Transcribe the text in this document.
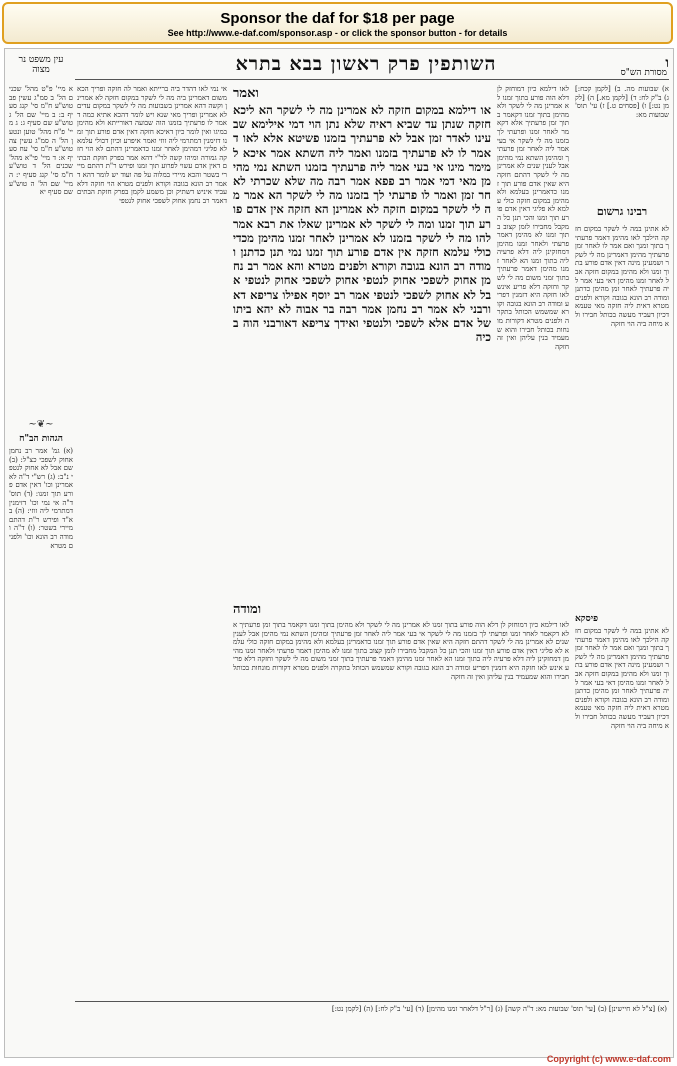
Sponsor the daf for $18 per page
See http://www.e-daf.com/sponsor.asp - or click the sponsor button - for details
עין משפט נר מצוה	השותפין פרק ראשון בבא בתרא	ו
מסורת הש"ס
א מיי' פ"ט מהל' שכנים הל' ב סמ"ג עשין פב טוש"ע ח"מ סי' קנג סעיף ב: ב מיי' שם הל' ג טוש"ע שם סעיף ג: ג מיי' פ"ח מהל' טוען ונטען הל' ה סמ"ג עשין צה טוש"ע ח"מ סי' עח סעיף א: ד מיי' פי"א מהל' שכנים הל' ד טוש"ע ח"מ סי' קנג סעיף י: ה מיי' שם הל' ה טוש"ע שם סעיף יא
~❦~
הגהות הב"ח
(א) גמ' אמר רב נחמן אחוק לשפכי כצ"ל: (ב) שם אבל לא אחוק לנטפי נ"ב: (ג) רש"י ד"ה לא אמרינן וכו' דאין אדם פורע תוך זמנו: (ד) תוס' ד"ה אי נמי וכו' דזימנין דמתרמי ליה זוזי: (ה) בא"ד ופירש ר"ת דהתם מיירי בשטר: (ו) ד"ה ומודה רב הונא וכו' ולפנים מטרא
אי נמי לאו דהדר ביה ברייתא ואמר לה חזקה ופריך הכא משום דאמרינן ביה מה לי לשקר במקום חזקה לא אמרינן וקשה דהא אמרינן בשבועות מה לי לשקר במקום עדים לא אמרינן ופריך מאי שנא ויש לומר דהכא אתיא כמה דאמר לו פרעתיך בזמנו הוה שבועה דאורייתא ולא מהימן במיגו ואין לומר כיון דאיכא חזקה דאין אדם פורע תוך זמנו דזימנין דמתרמי ליה זוזי ואמר איפרע וכיון דכולי עלמא לא פליגי דמהימן לאחר זמנו כדאמרינן דהתם לא הוי חזקה גמורה ומיהו קשה לר"י דהא אמר בפרק חזקת הבתים דאין אדם עשוי לפרוע תוך זמנו ופירש ר"ת דהתם מיירי בשטר והכא מיירי במלוה על פה ועוד יש לומר דהא דאמר רב הונא בגובה וקורא ולפנים מטרא הוי חזקה דלא עביד איניש דשתיק וכן משמע לקמן בפרק חזקת הבתים דאמר רב נחמן אחוק לשפכי אחוק לנטפי
ואמר
או דילמא במקום חזקה לא אמרינן מה לי לשקר הא ליכא חזקה שנתן עד שביא ראיה שלא נתן הוי דמי אילימא שבעינו לאדר זמן אבל לא פרעתיך בזמנו פשיטא אלא לאו דאמר לו לא פרעתיך בזמנו ואמר ליה השתא אמר איכא למימר מיגו אי בעי אמר ליה פרעתיך בזמנו השתא נמי מהימן מאי דמי אמר רב פפא אמר רבה מה שלא שכרתי לאחר זמן ואמר לו פרעתי לך בזמנו מה לי לשקר הא אמר מה לי לשקר במקום חזקה לא אמרינן הא חזקה אין אדם פורע תוך זמנו ומה לי לשקר לא אמרינן שאלו את רבא אמר להו מה לי לשקר בזמנו לא אמרינן לאחר זמנו מהימן מכדי כולי עלמא חזקה אין אדם פורע תוך זמנו נמי תנן כדתנן ומודה רב הונא בגובה וקורא ולפנים מטרא והא אמר רב נחמן אחוק לשפכי אחוק לנטפי אחוק לשפכי אחוק לנטפי אבל לא אחוק לשפכי לנטפי אמר רב יוסף אפילו צריפא דאורבני לא אמר רב נחמן אמר רבה בר אבוה לא יהא ביתו של אדם אלא לשפכי ולנטפי ואידך צריפא דאורבני הוה בכיה
ומודה
לאו דילמא כיון דמוחזק לן דלא הוה פורע בתוך זמנו לא אמרינן מה לי לשקר ולא מהימן בתוך זמנו דקאמר בתוך זמן פרעתיך אלא דקאמר לאחר זמנו ופרעתי לך בזמנו מה לי לשקר אי בעי אמר ליה לאחר זמן פרעתיך ומהימן השתא נמי מהימן אבל לענין שנים לא אמרינן מה לי לשקר דהתם חזקה היא שאין אדם פורע תוך זמנו כדאמרינן בעלמא ולא מהימן במקום חזקה כולי עלמא לא פליגי דאין אדם פורע תוך זמנו והכי תנן כל המקבל מחבירו לזמן קצוב בתוך זמנו לא מהימן דאמר פרעתי ולאחר זמנו מהימן דמחזקינן ליה דלא פרעיה ליה בתוך זמנו הא לאחר זמנו מהימן דאמר פרעתיך בתוך זמני משום מה לי לשקר וחזקה דלא פריע אינש לאו חזקה היא דזמנין דפריע ומודה רב הונא בגובה וקורא שמשמש הכותל בתקרה ולפנים מטרא דקורות מונחות בכותל חבירו והוא שמעמיד בנין עליהן ואין זה חזקה
לאו דילמא כיון דמוחזק לן דלא הוה פורע בתוך זמנו לא אמרינן מה לי לשקר ולא מהימן בתוך זמנו דקאמר בתוך זמן פרעתיך אלא דקאמר לאחר זמנו ופרעתי לך בזמנו מה לי לשקר אי בעי אמר ליה לאחר זמן פרעתיך ומהימן השתא נמי מהימן אבל לענין שנים לא אמרינן מה לי לשקר דהתם חזקה היא שאין אדם פורע תוך זמנו כדאמרינן בעלמא ולא מהימן במקום חזקה כולי עלמא לא פליגי דאין אדם פורע תוך זמנו והכי תנן כל המקבל מחבירו לזמן קצוב בתוך זמנו לא מהימן דאמר פרעתי ולאחר זמנו מהימן דמחזקינן ליה דלא פרעיה ליה בתוך זמנו הא לאחר זמנו מהימן דאמר פרעתיך בתוך זמני משום מה לי לשקר וחזקה דלא פריע אינש לאו חזקה היא דזמנין דפריע ומודה רב הונא בגובה וקורא שמשמש הכותל בתקרה ולפנים מטרא דקורות מונחות בכותל חבירו והוא שמעמיד בנין עליהן ואין זה חזקה
א) שבועות מה. ב) [לקמן קכח:] ג) ב"ק לח: ד) [לקמן מא.] ה) [לקמן נט:] ו) [פסחים ט.] ז) עי' תוס' שבועות מא:
רבינו גרשום
לא אתינן במה לי לשקר במקום חזקה הילכך לאו מהימן דאמר פרעתיך בתוך זמנך ואם אמר לו לאחר זמן פרעתיך מהימן דאמרינן מה לי לשקר ושמעינן מינה דאין אדם פורע בתוך זמנו ולא מהימן במקום חזקה אבל לאחר זמנו מהימן דאי בעי אמר ליה פרעתיך לאחר זמן מהימן כדתנן ומודה רב הונא בגובה וקורא ולפנים מטרא דאית ליה חזקה מאי טעמא דכיון דעביד מעשה בכותל חבירו ולא מיחה ביה הוי חזקה
פיסקא
לא אתינן במה לי לשקר במקום חזקה הילכך לאו מהימן דאמר פרעתיך בתוך זמנך ואם אמר לו לאחר זמן פרעתיך מהימן דאמרינן מה לי לשקר ושמעינן מינה דאין אדם פורע בתוך זמנו ולא מהימן במקום חזקה אבל לאחר זמנו מהימן דאי בעי אמר ליה פרעתיך לאחר זמן מהימן כדתנן ומודה רב הונא בגובה וקורא ולפנים מטרא דאית ליה חזקה מאי טעמא דכיון דעביד מעשה בכותל חבירו ולא מיחה ביה הוי חזקה
(א) [צ"ל לא חיישינן] (ב) [עי' תוס' שבועות מא: ד"ה קשה] (ג) [ר"ל דלאחר זמנו מהימן] (ד) [עי' ב"ק לח:] (ה) [לקמן נט:]
Copyright (c) www.e-daf.com
